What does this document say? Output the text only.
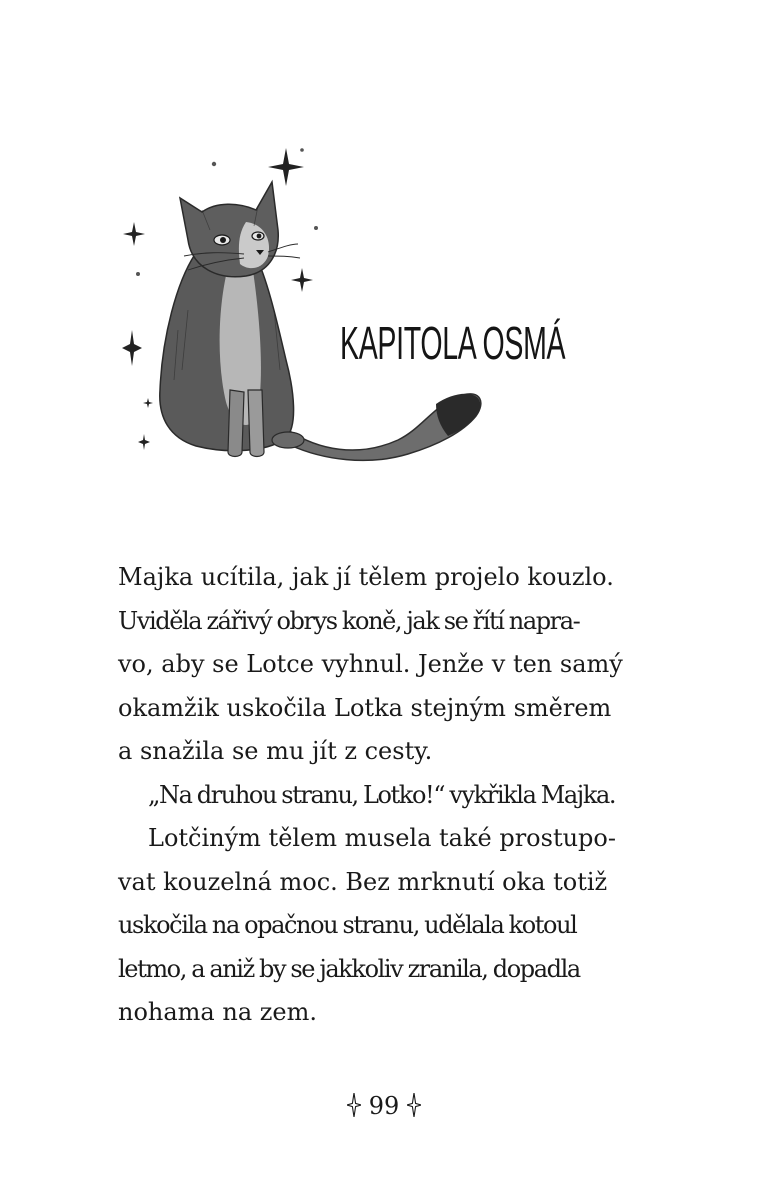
KAPITOLA OSMÁ
Majka ucítila, jak jí tělem projelo kouzlo.
Uviděla zářivý obrys koně, jak se řítí napra-
vo, aby se Lotce vyhnul. Jenže v ten samý
okamžik uskočila Lotka stejným směrem
a snažila se mu jít z cesty.
„Na druhou stranu, Lotko!“ vykřikla Majka.
Lotčiným tělem musela také prostupo-
vat kouzelná moc. Bez mrknutí oka totiž
uskočila na opačnou stranu, udělala kotoul
letmo, a aniž by se jakkoliv zranila, dopadla
nohama na zem.
99
